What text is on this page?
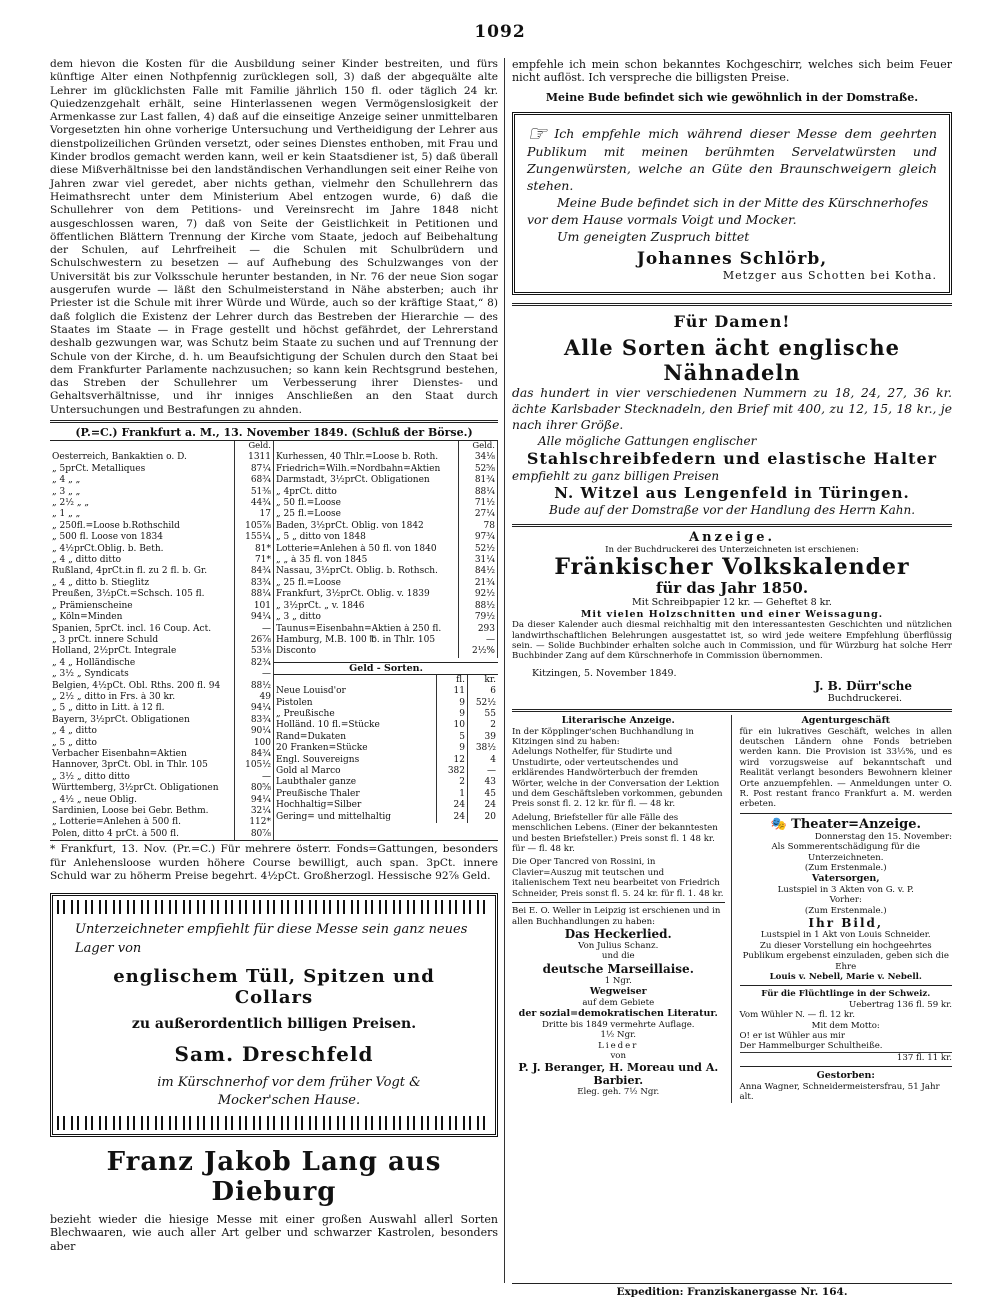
1092

dem hievon die Kosten für die Ausbildung seiner Kinder bestreiten, und fürs künftige Alter einen Nothpfennig zurücklegen soll, 3) daß der abgequälte alte Lehrer im glücklichsten Falle mit Familie jährlich 150 fl. oder täglich 24 kr. Quiedzenzgehalt erhält, seine Hinterlassenen wegen Vermögenslosigkeit der Armenkasse zur Last fallen, 4) daß auf die einseitige Anzeige seiner unmittelbaren Vorgesetzten hin ohne vorherige Untersuchung und Vertheidigung der Lehrer aus dienstpolizeilichen Gründen versetzt, oder seines Dienstes enthoben, mit Frau und Kinder brodlos gemacht werden kann, weil er kein Staatsdiener ist, 5) daß überall diese Mißverhältnisse bei den landständischen Verhandlungen seit einer Reihe von Jahren zwar viel geredet, aber nichts gethan, vielmehr den Schullehrern das Heimathsrecht unter dem Ministerium Abel entzogen wurde, 6) daß die Schullehrer von dem Petitions- und Vereinsrecht im Jahre 1848 nicht ausgeschlossen waren, 7) daß von Seite der Geistlichkeit in Petitionen und öffentlichen Blättern Trennung der Kirche vom Staate, jedoch auf Beibehaltung der Schulen, auf Lehrfreiheit — die Schulen mit Schulbrüdern und Schulschwestern zu besetzen — auf Aufhebung des Schulzwanges von der Universität bis zur Volksschule herunter bestanden, in Nr. 76 der neue Sion sogar ausgerufen wurde — läßt den Schulmeisterstand in Nähe absterben; auch ihr Priester ist die Schule mit ihrer Würde und Würde, auch so der kräftige Staat,“ 8) daß folglich die Existenz der Lehrer durch das Bestreben der Hierarchie — des Staates im Staate — in Frage gestellt und höchst gefährdet, der Lehrerstand deshalb gezwungen war, was Schutz beim Staate zu suchen und auf Trennung der Schule von der Kirche, d. h. um Beaufsichtigung der Schulen durch den Staat bei dem Frankfurter Parlamente nachzusuchen; so kann kein Rechtsgrund bestehen, das Streben der Schullehrer um Verbesserung ihrer Dienstes- und Gehaltsverhältnisse, und ihr inniges Anschließen an den Staat durch Untersuchungen und Bestrafungen zu ahnden.

(P.=C.) Frankfurt a. M., 13. November 1849. (Schluß der Börse.)

	Geld.
Oesterreich, Bankaktien o. D.	1311
„ 5prCt. Metalliques	87¼
„ 4 „ „	68¾
„ 3 „ „	51⅜
„ 2½ „ „	44¾
„ 1 „ „	17
„ 250fl.=Loose b.Rothschild	105⅞
„ 500 fl. Loose von 1834	155¼
„ 4½prCt.Oblig. b. Beth.	81*
„ 4 „ ditto ditto	71*
Rußland, 4prCt.in fl. zu 2 fl. b. Gr.	84¾
„ 4 „ ditto b. Stieglitz	83¾
Preußen, 3½pCt.=Schsch. 105 fl.	88¼
„ Prämienscheine	101
„ Köln=Minden	94¼
Spanien, 5prCt. incl. 16 Coup. Act.	—
„ 3 prCt. innere Schuld	26⅞
Holland, 2½prCt. Integrale	53⅛
„ 4 „ Holländische	82¾
„ 3½ „ Syndicats	—
Belgien, 4½pCt. Obl. Rths. 200 fl. 94	88½
„ 2½ „ ditto in Frs. à 30 kr.	49
„ 5 „ ditto in Litt. à 12 fl.	94¼
Bayern, 3½prCt. Obligationen	83¾
„ 4 „ ditto	90¼
„ 5 „ ditto	100
Verbacher Eisenbahn=Aktien	84¾
Hannover, 3prCt. Obl. in Thlr. 105	105½
„ 3½ „ ditto ditto	—
Württemberg, 3½prCt. Obligationen	80⅝
„ 4½ „ neue Oblig.	94¼
Sardinien, Loose bei Gebr. Bethm.	32¼
„ Lotterie=Anlehen à 500 fl.	112*
Polen, ditto 4 prCt. à 500 fl.	80⅞
	Geld.
Kurhessen, 40 Thlr.=Loose b. Roth.	34⅛
Friedrich=Wilh.=Nordbahn=Aktien	52⅝
Darmstadt, 3½prCt. Obligationen	81¾
„ 4prCt. ditto	88¼
„ 50 fl.=Loose	71½
„ 25 fl.=Loose	27¼
Baden, 3½prCt. Oblig. von 1842	78
„ 5 „ ditto von 1848	97¾
Lotterie=Anlehen à 50 fl. von 1840	52½
„ „ à 35 fl. von 1845	31¼
Nassau, 3½prCt. Oblig. b. Rothsch.	84½
„ 25 fl.=Loose	21¾
Frankfurt, 3½prCt. Oblig. v. 1839	92½
„ 3½prCt. „ v. 1846	88½
„ 3 „ ditto	79½
Taunus=Eisenbahn=Aktien à 250 fl.	293
Hamburg, M.B. 100 ℔. in Thlr. 105	—
Disconto	2½%
Geld - Sorten.
	fl.	kr.
Neue Louisd'or	11	6
Pistolen	9	52½
„ Preußische	9	55
Holländ. 10 fl.=Stücke	10	2
Rand=Dukaten	5	39
20 Franken=Stücke	9	38½
Engl. Souvereigns	12	4
Gold al Marco	382	—
Laubthaler ganze	2	43
Preußische Thaler	1	45
Hochhaltig=Silber	24	24
Gering= und mittelhaltig	24	20

* Frankfurt, 13. Nov. (Pr.=C.) Für mehrere österr. Fonds=Gattungen, besonders für Anlehensloose wurden höhere Course bewilligt, auch span. 3pCt. innere Schuld war zu höherm Preise begehrt. 4½pCt. Großherzogl. Hessische 92⅞ Geld.

Unterzeichneter empfiehlt für diese Messe sein ganz neues Lager von

englischem Tüll, Spitzen und Collars

zu außerordentlich billigen Preisen.

Sam. Dreschfeld

im Kürschnerhof vor dem früher Vogt & Mocker'schen Hause.

Franz Jakob Lang aus Dieburg

bezieht wieder die hiesige Messe mit einer großen Auswahl allerl Sorten Blechwaaren, wie auch aller Art gelber und schwarzer Kastrolen, besonders aber

empfehle ich mein schon bekanntes Kochgeschirr, welches sich beim Feuer nicht auflöst. Ich verspreche die billigsten Preise.

Meine Bude befindet sich wie gewöhnlich in der Domstraße.

☞ Ich empfehle mich während dieser Messe dem geehrten Publikum mit meinen berühmten Servelatwürsten und Zungenwürsten, welche an Güte den Braunschweigern gleich stehen.

Meine Bude befindet sich in der Mitte des Kürschnerhofes vor dem Hause vormals Voigt und Mocker.

Um geneigten Zuspruch bittet

Johannes Schlörb,

Metzger aus Schotten bei Kotha.

Für Damen!

Alle Sorten ächt englische Nähnadeln

das hundert in vier verschiedenen Nummern zu 18, 24, 27, 36 kr. ächte Karlsbader Stecknadeln, den Brief mit 400, zu 12, 15, 18 kr., je nach ihrer Größe.

Alle mögliche Gattungen englischer

Stahlschreibfedern und elastische Halter

empfiehlt zu ganz billigen Preisen

N. Witzel aus Lengenfeld in Türingen.

Bude auf der Domstraße vor der Handlung des Herrn Kahn.

Anzeige.

In der Buchdruckerei des Unterzeichneten ist erschienen:

Fränkischer Volkskalender

für das Jahr 1850.

Mit Schreibpapier 12 kr. — Geheftet 8 kr.

Mit vielen Holzschnitten und einer Weissagung.

Da dieser Kalender auch diesmal reichhaltig mit den interessantesten Geschichten und nützlichen landwirthschaftlichen Belehrungen ausgestattet ist, so wird jede weitere Empfehlung überflüssig sein. — Solide Buchbinder erhalten solche auch in Commission, und für Würzburg hat solche Herr Buchbinder Zang auf dem Kürschnerhofe in Commission übernommen.

Kitzingen, 5. November 1849.

J. B. Dürr'sche

Buchdruckerei.

Literarische Anzeige.

In der Köpplinger'schen Buchhandlung in Kitzingen sind zu haben:

Adelungs Nothelfer, für Studirte und Unstudirte, oder verteutschendes und erklärendes Handwörterbuch der fremden Wörter, welche in der Conversation der Lektion und dem Geschäftsleben vorkommen, gebunden Preis sonst fl. 2. 12 kr. für fl. — 48 kr.

Adelung, Briefsteller für alle Fälle des menschlichen Lebens. (Einer der bekanntesten und besten Briefsteller.) Preis sonst fl. 1 48 kr. für — fl. 48 kr.

Die Oper Tancred von Rossini, in Clavier=Auszug mit teutschen und italienischem Text neu bearbeitet von Friedrich Schneider, Preis sonst fl. 5. 24 kr. für fl. 1. 48 kr.

Bei E. O. Weller in Leipzig ist erschienen und in allen Buchhandlungen zu haben:

Das Heckerlied.

Von Julius Schanz.

und die

deutsche Marseillaise.

1 Ngr.

Wegweiser

auf dem Gebiete

der sozial=demokratischen Literatur.

Dritte bis 1849 vermehrte Auflage.

1½ Ngr.

Lieder

von

P. J. Beranger, H. Moreau und A. Barbier.

Eleg. geh. 7½ Ngr.

Agenturgeschäft

für ein lukratives Geschäft, welches in allen deutschen Ländern ohne Fonds betrieben werden kann. Die Provision ist 33⅓%, und es wird vorzugsweise auf bekanntschaft und Realität verlangt besonders Bewohnern kleiner Orte anzuempfehlen. — Anmeldungen unter O. R. Post restant franco Frankfurt a. M. werden erbeten.

🎭 Theater=Anzeige.

Donnerstag den 15. November:

Als Sommerentschädigung für die Unterzeichneten.

(Zum Erstenmale.)

Vatersorgen,

Lustspiel in 3 Akten von G. v. P.

Vorher:

(Zum Erstenmale.)

Ihr Bild,

Lustspiel in 1 Akt von Louis Schneider.

Zu dieser Vorstellung ein hochgeehrtes Publikum ergebenst einzuladen, geben sich die Ehre

Louis v. Nebell, Marie v. Nebell.

Für die Flüchtlinge in der Schweiz.

Uebertrag 136 fl. 59 kr.

Vom Wühler N. — fl. 12 kr.

Mit dem Motto:

O! er ist Wühler aus mir

Der Hammelburger Schultheiße.

137 fl. 11 kr.

Gestorben:

Anna Wagner, Schneidermeistersfrau, 51 Jahr alt.

Expedition: Franziskanergasse Nr. 164.
